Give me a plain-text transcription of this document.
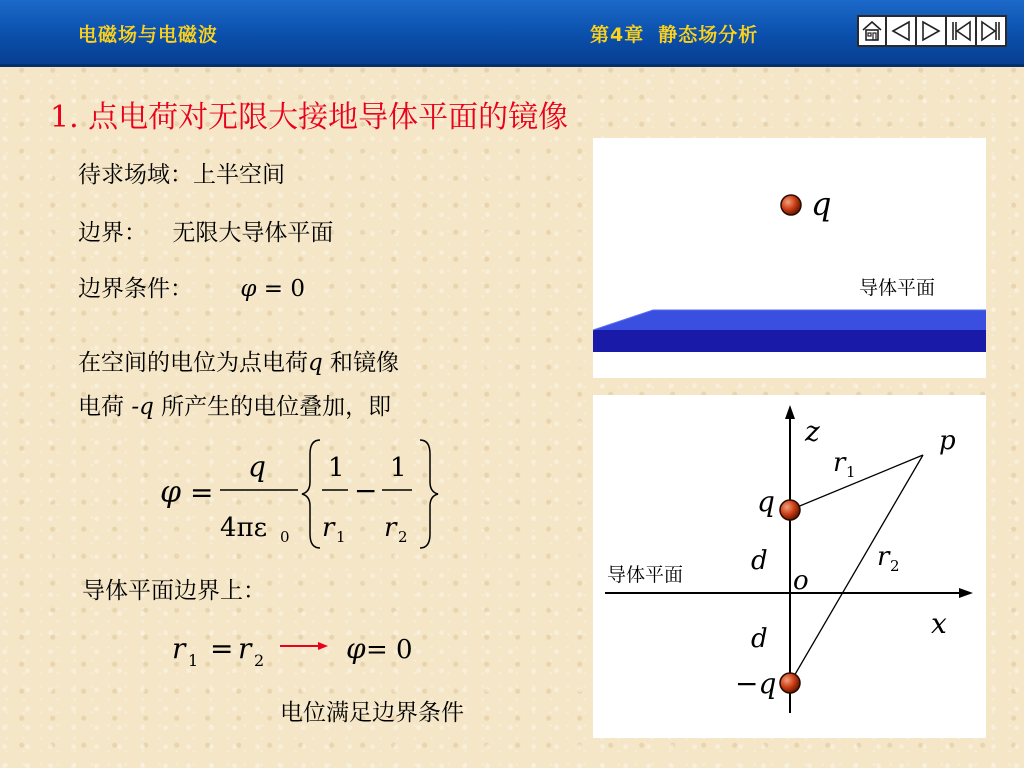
电磁场与电磁波	第4章 静态场分析
1. 点电荷对无限大接地导体平面的镜像
待求场域：上半空间
边界： 无限大导体平面
边界条件： φ = 0
在空间的电位为点电荷q 和镜像
电荷 -q 所产生的电位叠加，即
φ =
q
4πε 0
1
r 1
−
1
r 2
导体平面边界上：
r 1 = r 2	φ = 0
电位满足边界条件
q
导体平面
z
x
p
r 1
r 2
q
−q
d
d
o
导体平面
